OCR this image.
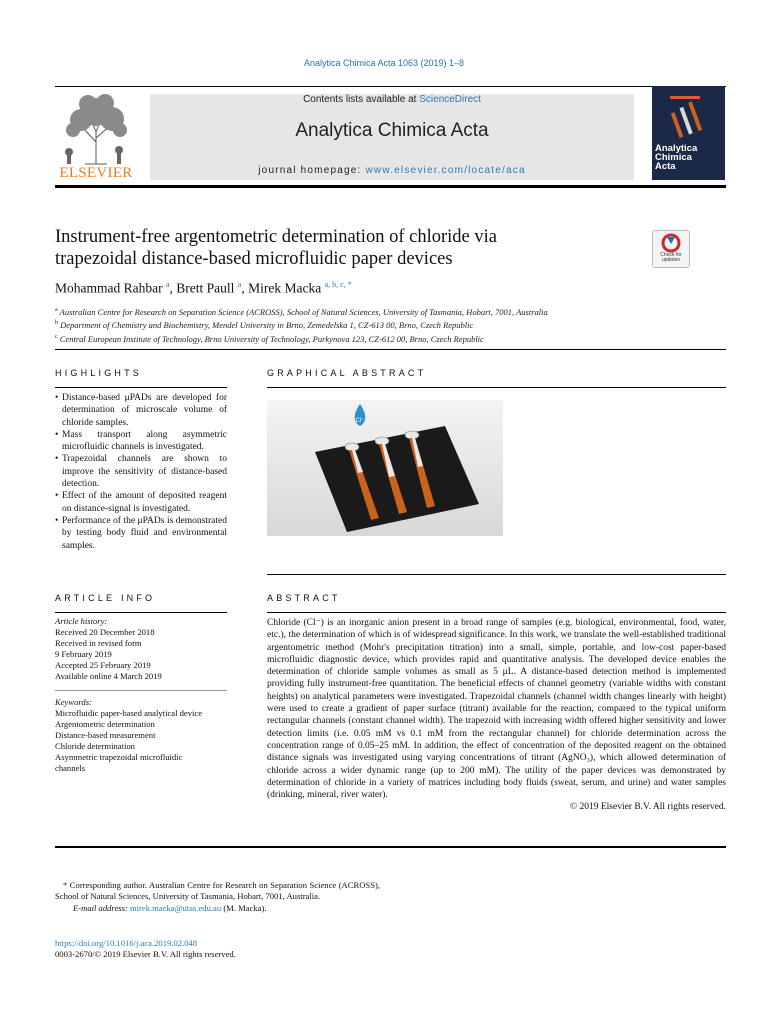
Analytica Chimica Acta 1063 (2019) 1–8
ELSEVIER
Contents lists available at ScienceDirect
Analytica Chimica Acta
journal homepage: www.elsevier.com/locate/aca
Analytica
Chimica
Acta
Instrument-free argentometric determination of chloride via
trapezoidal distance-based microfluidic paper devices	Check for updates
Mohammad Rahbar $^a$, Brett Paull $^a$, Mirek Macka $^{a, b, c, *}$
$^a$ Australian Centre for Research on Separation Science (ACROSS), School of Natural Sciences, University of Tasmania, Hobart, 7001, Australia
$^b$ Department of Chemistry and Biochemistry, Mendel University in Brno, Zemedelska 1, CZ-613 00, Brno, Czech Republic
$^c$ Central European Institute of Technology, Brno University of Technology, Purkynova 123, CZ-612 00, Brno, Czech Republic
HIGHLIGHTS
• Distance-based μPADs are developed for determination of microscale volume of chloride samples.
• Mass transport along asymmetric microfluidic channels is investigated.
• Trapezoidal channels are shown to improve the sensitivity of distance-based detection.
• Effect of the amount of deposited reagent on distance-signal is investigated.
• Performance of the μPADs is demonstrated by testing body fluid and environmental samples.
GRAPHICAL ABSTRACT
Cl⁻
ARTICLE INFO
Article history:
Received 20 December 2018
Received in revised form
9 February 2019
Accepted 25 February 2019
Available online 4 March 2019
Keywords:
Microfluidic paper-based analytical device
Argentometric determination
Distance-based measurement
Chloride determination
Asymmetric trapezoidal microfluidic
channels
ABSTRACT
Chloride (Cl⁻) is an inorganic anion present in a broad range of samples (e.g. biological, environmental, food, water, etc.), the determination of which is of widespread significance. In this work, we translate the well-established traditional argentometric method (Mohr's precipitation titration) into a small, simple, portable, and low-cost paper-based microfluidic diagnostic device, which provides rapid and quantitative analysis. The developed device enables the determination of chloride sample volumes as small as 5 μL. A distance-based detection method is implemented providing fully instrument-free quantitation. The beneficial effects of channel geometry (variable widths with constant heights) on analytical parameters were investigated. Trapezoidal channels (channel width changes linearly with height) were used to create a gradient of paper surface (titrant) available for the reaction, compared to the typical uniform rectangular channels (constant channel width). The trapezoid with increasing width offered higher sensitivity and lower detection limits (i.e. 0.05 mM vs 0.1 mM from the rectangular channel) for chloride determination across the concentration range of 0.05–25 mM. In addition, the effect of concentration of the deposited reagent on the obtained distance signals was investigated using varying concentrations of titrant (AgNO₃), which allowed determination of chloride across a wider dynamic range (up to 200 mM). The utility of the paper devices was demonstrated by determination of chloride in a variety of matrices including body fluids (sweat, serum, and urine) and water samples (drinking, mineral, river water).
© 2019 Elsevier B.V. All rights reserved.
* Corresponding author. Australian Centre for Research on Separation Science (ACROSS), School of Natural Sciences, University of Tasmania, Hobart, 7001, Australia.
E-mail address: mirek.macka@utas.edu.au (M. Macka).
https://doi.org/10.1016/j.aca.2019.02.048
0003-2670/© 2019 Elsevier B.V. All rights reserved.
